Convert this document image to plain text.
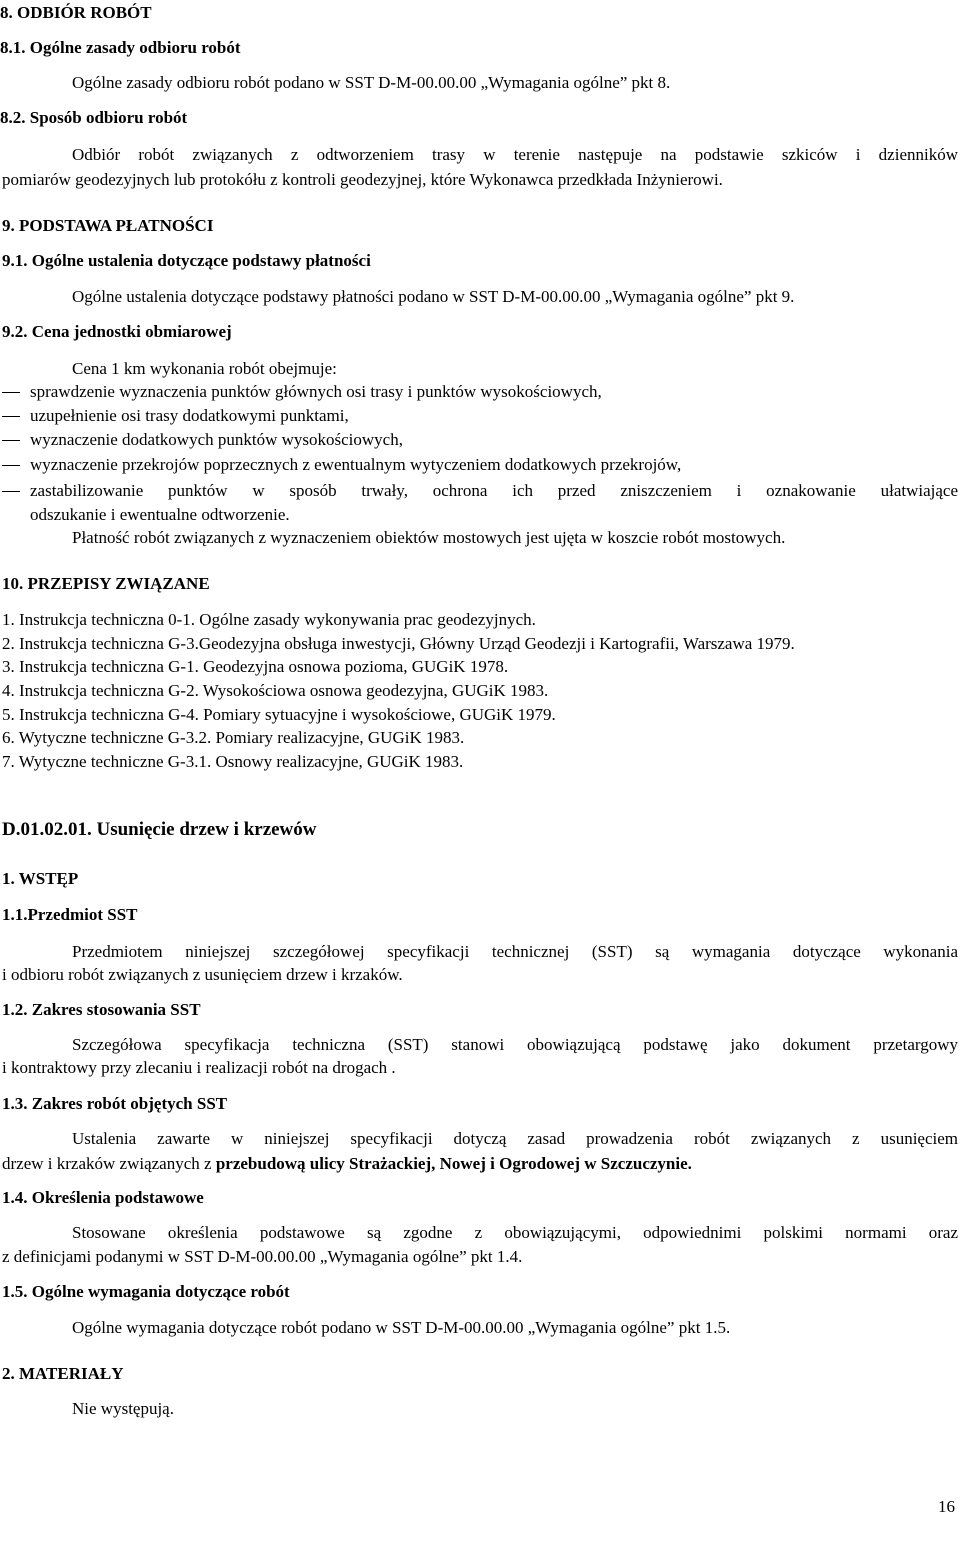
8. ODBIÓR ROBÓT
8.1. Ogólne zasady odbioru robót
Ogólne zasady odbioru robót podano w SST D-M-00.00.00 „Wymagania ogólne” pkt 8.
8.2. Sposób odbioru robót
Odbiór robót związanych z odtworzeniem trasy w terenie następuje na podstawie szkiców i dzienników
pomiarów geodezyjnych lub protokółu z kontroli geodezyjnej, które Wykonawca przedkłada Inżynierowi.
9. PODSTAWA PŁATNOŚCI
9.1. Ogólne ustalenia dotyczące podstawy płatności
Ogólne ustalenia dotyczące podstawy płatności podano w SST D-M-00.00.00 „Wymagania ogólne” pkt 9.
9.2. Cena jednostki obmiarowej
Cena 1 km wykonania robót obejmuje:
sprawdzenie wyznaczenia punktów głównych osi trasy i punktów wysokościowych,
uzupełnienie osi trasy dodatkowymi punktami,
wyznaczenie dodatkowych punktów wysokościowych,
wyznaczenie przekrojów poprzecznych z ewentualnym wytyczeniem dodatkowych przekrojów,
zastabilizowanie punktów w sposób trwały, ochrona ich przed zniszczeniem i oznakowanie ułatwiające
odszukanie i ewentualne odtworzenie.
Płatność robót związanych z wyznaczeniem obiektów mostowych jest ujęta w koszcie robót mostowych.
10. PRZEPISY ZWIĄZANE
1. Instrukcja techniczna 0-1. Ogólne zasady wykonywania prac geodezyjnych.
2. Instrukcja techniczna G-3.Geodezyjna obsługa inwestycji, Główny Urząd Geodezji i Kartografii, Warszawa 1979.
3. Instrukcja techniczna G-1. Geodezyjna osnowa pozioma, GUGiK 1978.
4. Instrukcja techniczna G-2. Wysokościowa osnowa geodezyjna, GUGiK 1983.
5. Instrukcja techniczna G-4. Pomiary sytuacyjne i wysokościowe, GUGiK 1979.
6. Wytyczne techniczne G-3.2. Pomiary realizacyjne, GUGiK 1983.
7. Wytyczne techniczne G-3.1. Osnowy realizacyjne, GUGiK 1983.
D.01.02.01. Usunięcie drzew i krzewów
1. WSTĘP
1.1.Przedmiot SST
Przedmiotem niniejszej szczegółowej specyfikacji technicznej (SST) są wymagania dotyczące wykonania
i odbioru robót związanych z usunięciem drzew i krzaków.
1.2. Zakres stosowania SST
Szczegółowa specyfikacja techniczna (SST) stanowi obowiązującą podstawę jako dokument przetargowy
i kontraktowy przy zlecaniu i realizacji robót na drogach .
1.3. Zakres robót objętych SST
Ustalenia zawarte w niniejszej specyfikacji dotyczą zasad prowadzenia robót związanych z usunięciem
drzew i krzaków związanych z przebudową ulicy Strażackiej, Nowej i Ogrodowej w Szczuczynie.
1.4. Określenia podstawowe
Stosowane określenia podstawowe są zgodne z obowiązującymi, odpowiednimi polskimi normami oraz
z definicjami podanymi w SST D-M-00.00.00 „Wymagania ogólne” pkt 1.4.
1.5. Ogólne wymagania dotyczące robót
Ogólne wymagania dotyczące robót podano w SST D-M-00.00.00 „Wymagania ogólne” pkt 1.5.
2. MATERIAŁY
Nie występują.
16
